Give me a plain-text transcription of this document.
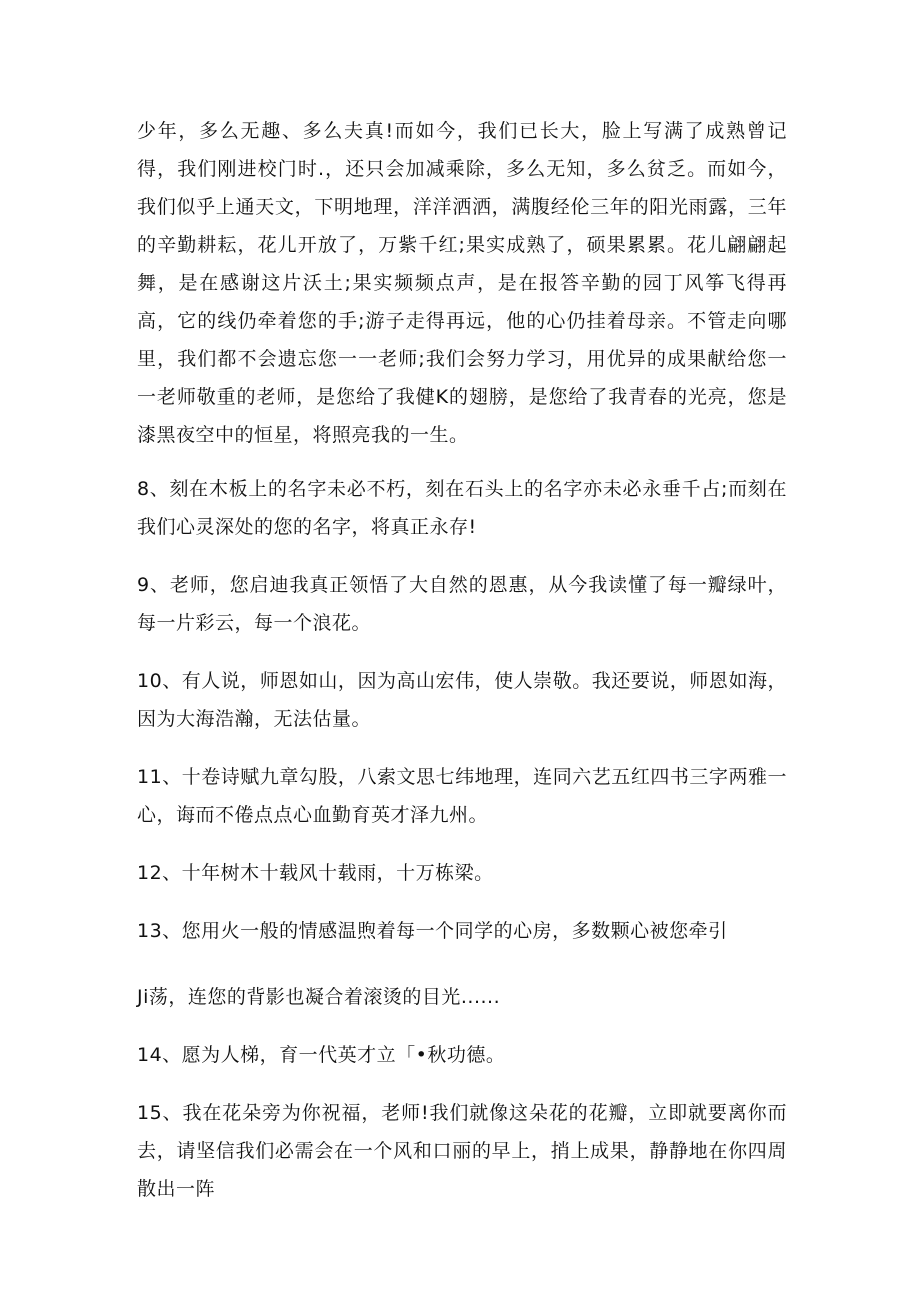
少年，多么无趣、多么夫真!而如今，我们已长大，脸上写满了成熟曾记得，我们刚进校门时.，还只会加减乘除，多么无知，多么贫乏。而如今，我们似乎上通天文，下明地理，洋洋洒洒，满腹经伦三年的阳光雨露，三年的辛勤耕耘，花儿开放了，万紫千红;果实成熟了，硕果累累。花儿翩翩起舞，是在感谢这片沃土;果实频频点声，是在报答辛勤的园丁风筝飞得再高，它的线仍牵着您的手;游子走得再远，他的心仍挂着母亲。不管走向哪里，我们都不会遗忘您一一老师;我们会努力学习，用优异的成果献给您一一老师敬重的老师，是您给了我健K的翅膀，是您给了我青春的光亮，您是漆黑夜空中的恒星，将照亮我的一生。

8、刻在木板上的名字未必不朽，刻在石头上的名字亦未必永垂千占;而刻在我们心灵深处的您的名字，将真正永存!

9、老师，您启迪我真正领悟了大自然的恩惠，从今我读懂了每一瓣绿叶，每一片彩云，每一个浪花。

10、有人说，师恩如山，因为高山宏伟，使人崇敬。我还要说，师恩如海，因为大海浩瀚，无法估量。

11、十卷诗赋九章勾股，八索文思七纬地理，连同六艺五红四书三字两雅一心，诲而不倦点点心血勤育英才泽九州。

12、十年树木十载风十载雨，十万栋梁。

13、您用火一般的情感温煦着每一个同学的心房，多数颗心被您牵引

Ji荡，连您的背影也凝合着滚烫的目光......

14、愿为人梯，育一代英才立「•秋功德。

15、我在花朵旁为你祝福，老师!我们就像这朵花的花瓣，立即就要离你而去，请坚信我们必需会在一个风和口丽的早上，捎上成果，静静地在你四周散出一阵
